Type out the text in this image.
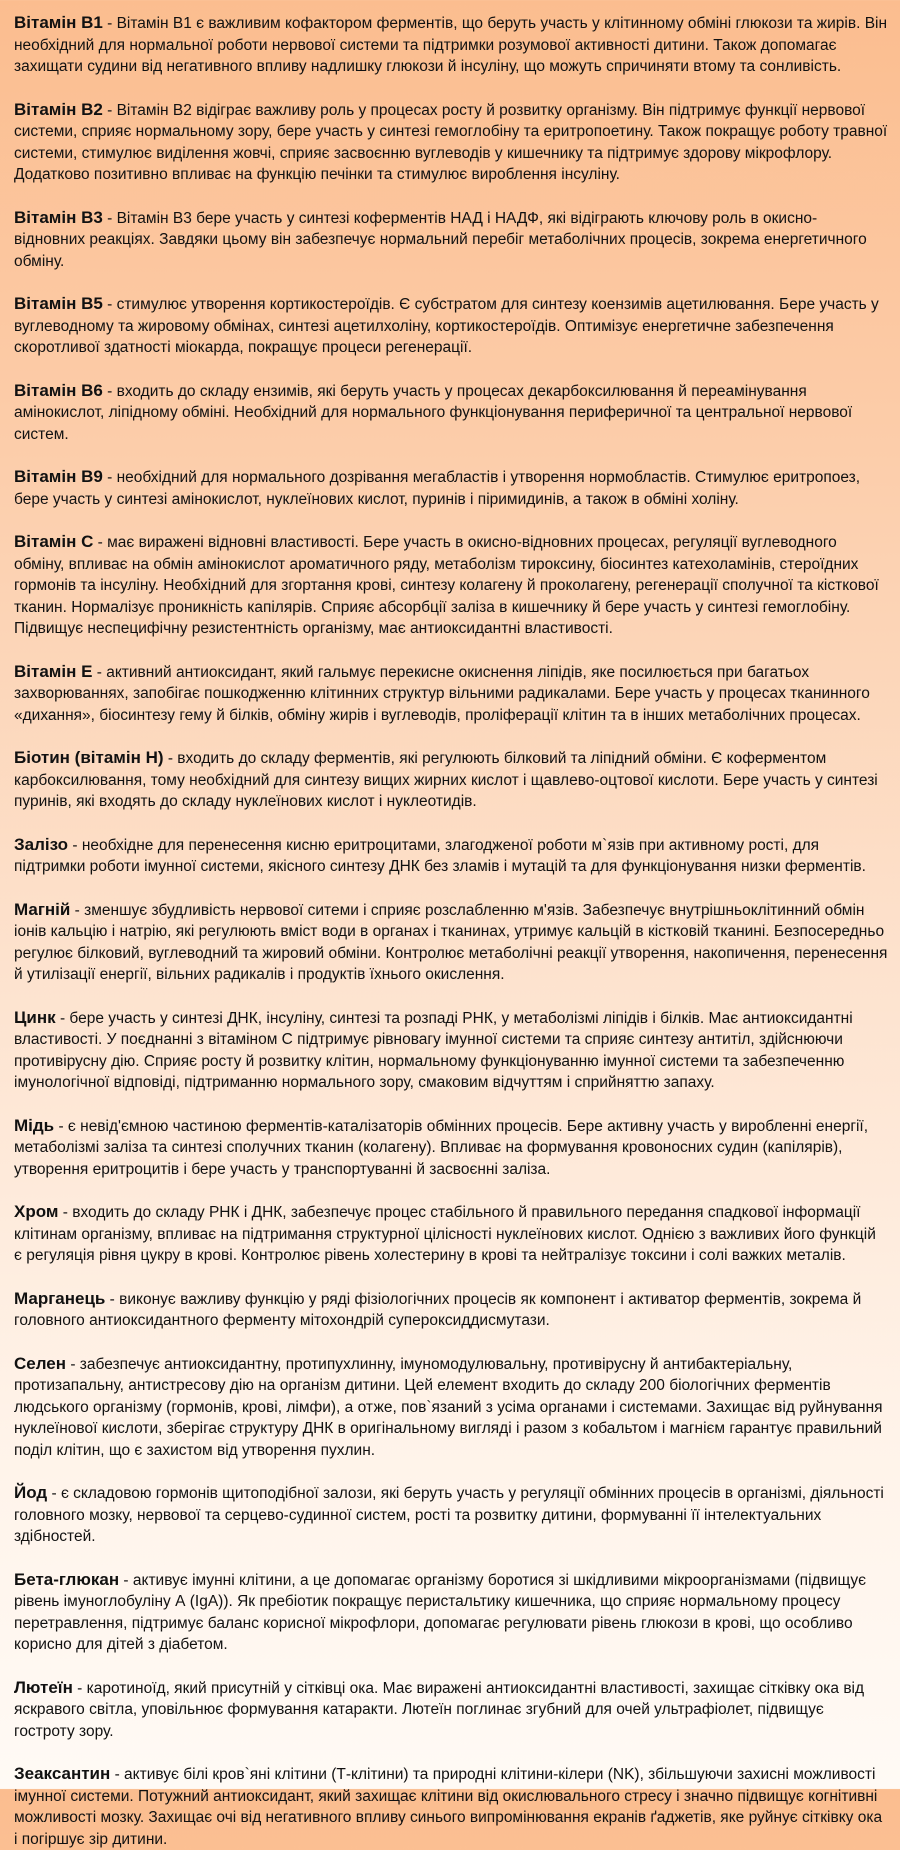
Вітамін В1 - Вітамін В1 є важливим кофактором ферментів, що беруть участь у клітинному обміні глюкози та жирів. Він необхідний для нормальної роботи нервової системи та підтримки розумової активності дитини. Також допомагає захищати судини від негативного впливу надлишку глюкози й інсуліну, що можуть спричиняти втому та сонливість.

Вітамін В2 - Вітамін В2 відіграє важливу роль у процесах росту й розвитку організму. Він підтримує функції нервової системи, сприяє нормальному зору, бере участь у синтезі гемоглобіну та еритропоетину. Також покращує роботу травної системи, стимулює виділення жовчі, сприяє засвоєнню вуглеводів у кишечнику та підтримує здорову мікрофлору. Додатково позитивно впливає на функцію печінки та стимулює вироблення інсуліну.

Вітамін В3 - Вітамін В3 бере участь у синтезі коферментів НАД і НАДФ, які відіграють ключову роль в окисно-відновних реакціях. Завдяки цьому він забезпечує нормальний перебіг метаболічних процесів, зокрема енергетичного обміну.

Вітамін В5 - стимулює утворення кортикостероїдів. Є субстратом для синтезу коензимів ацетилювання. Бере участь у вуглеводному та жировому обмінах, синтезі ацетилхоліну, кортикостероїдів. Оптимізує енергетичне забезпечення скоротливої здатності міокарда, покращує процеси регенерації.

Вітамін В6 - входить до складу ензимів, які беруть участь у процесах декарбоксилювання й переамінування амінокислот, ліпідному обміні. Необхідний для нормального функціонування периферичної та центральної нервової систем.

Вітамін В9 - необхідний для нормального дозрівання мегабластів і утворення нормобластів. Стимулює еритропоез, бере участь у синтезі амінокислот, нуклеїнових кислот, пуринів і піримидинів, а також в обміні холіну.

Вітамін С - має виражені відновні властивості. Бере участь в окисно-відновних процесах, регуляції вуглеводного обміну, впливає на обмін амінокислот ароматичного ряду, метаболізм тироксину, біосинтез катехоламінів, стероїдних гормонів та інсуліну. Необхідний для згортання крові, синтезу колагену й проколагену, регенерації сполучної та кісткової тканин. Нормалізує проникність капілярів. Сприяє абсорбції заліза в кишечнику й бере участь у синтезі гемоглобіну. Підвищує неспецифічну резистентність організму, має антиоксидантні властивості.

Вітамін Е - активний антиоксидант, який гальмує перекисне окиснення ліпідів, яке посилюється при багатьох захворюваннях, запобігає пошкодженню клітинних структур вільними радикалами. Бере участь у процесах тканинного «дихання», біосинтезу гему й білків, обміну жирів і вуглеводів, проліферації клітин та в інших метаболічних процесах.

Біотин (вітамін Н) - входить до складу ферментів, які регулюють білковий та ліпідний обміни. Є коферментом карбоксилювання, тому необхідний для синтезу вищих жирних кислот і щавлево-оцтової кислоти. Бере участь у синтезі пуринів, які входять до складу нуклеїнових кислот і нуклеотидів.

Залізо - необхідне для перенесення кисню еритроцитами, злагодженої роботи м`язів при активному рості, для підтримки роботи імунної системи, якісного синтезу ДНК без зламів і мутацій та для функціонування низки ферментів.

Магній - зменшує збудливість нервової ситеми і сприяє розслабленню м'язів. Забезпечує внутрішньоклітинний обмін іонів кальцію і натрію, які регулюють вміст води в органах і тканинах, утримує кальцій в кістковій тканині. Безпосередньо регулює білковий, вуглеводний та жировий обміни. Контролює метаболічні реакції утворення, накопичення, перенесення й утилізації енергії, вільних радикалів і продуктів їхнього окислення.

Цинк - бере участь у синтезі ДНК, інсуліну, синтезі та розпаді РНК, у метаболізмі ліпідів і білків. Має антиоксидантні властивості. У поєднанні з вітаміном С підтримує рівновагу імунної системи та сприяє синтезу антитіл, здійснюючи противірусну дію. Сприяє росту й розвитку клітин, нормальному функціонуванню імунної системи та забезпеченню імунологічної відповіді, підтриманню нормального зору, смаковим відчуттям і сприйняттю запаху.

Мідь - є невід'ємною частиною ферментів-каталізаторів обмінних процесів. Бере активну участь у виробленні енергії, метаболізмі заліза та синтезі сполучних тканин (колагену). Впливає на формування кровоносних судин (капілярів), утворення еритроцитів і бере участь у транспортуванні й засвоєнні заліза.

Хром - входить до складу РНК і ДНК, забезпечує процес стабільного й правильного передання спадкової інформації клітинам організму, впливає на підтримання структурної цілісності нуклеїнових кислот. Однією з важливих його функцій є регуляція рівня цукру в крові. Контролює рівень холестерину в крові та нейтралізує токсини і солі важких металів.

Марганець - виконує важливу функцію у ряді фізіологічних процесів як компонент і активатор ферментів, зокрема й головного антиоксидантного ферменту мітохондрій супероксиддисмутази.

Селен - забезпечує антиоксидантну, протипухлинну, імуномодулювальну, противірусну й антибактеріальну, протизапальну, антистресову дію на організм дитини. Цей елемент входить до складу 200 біологічних ферментів людського організму (гормонів, крові, лімфи), а отже, пов`язаний з усіма органами і системами. Захищає від руйнування нуклеїнової кислоти, зберігає структуру ДНК в оригінальному вигляді і разом з кобальтом і магнієм гарантує правильний поділ клітин, що є захистом від утворення пухлин.

Йод - є складовою гормонів щитоподібної залози, які беруть участь у регуляції обмінних процесів в організмі, діяльності головного мозку, нервової та серцево-судинної систем, рості та розвитку дитини, формуванні її інтелектуальних здібностей.

Бета-глюкан - активує імунні клітини, а це допомагає організму боротися зі шкідливими мікроорганізмами (підвищує рівень імуноглобуліну А (IgA)). Як пребіотик покращує перистальтику кишечника, що сприяє нормальному процесу перетравлення, підтримує баланс корисної мікрофлори, допомагає регулювати рівень глюкози в крові, що особливо корисно для дітей з діабетом.

Лютеїн - каротиноїд, який присутній у сітківці ока. Має виражені антиоксидантні властивості, захищає сітківку ока від яскравого світла, уповільнює формування катаракти. Лютеїн поглинає згубний для очей ультрафіолет, підвищує гостроту зору.

Зеаксантин - активує білі кров`яні клітини (Т-клітини) та природні клітини-кілери (NK), збільшуючи захисні можливості імунної системи. Потужний антиоксидант, який захищає клітини від окислювального стресу і значно підвищує когнітивні можливості мозку. Захищає очі від негативного впливу синього випромінювання екранів ґаджетів, яке руйнує сітківку ока і погіршує зір дитини.
